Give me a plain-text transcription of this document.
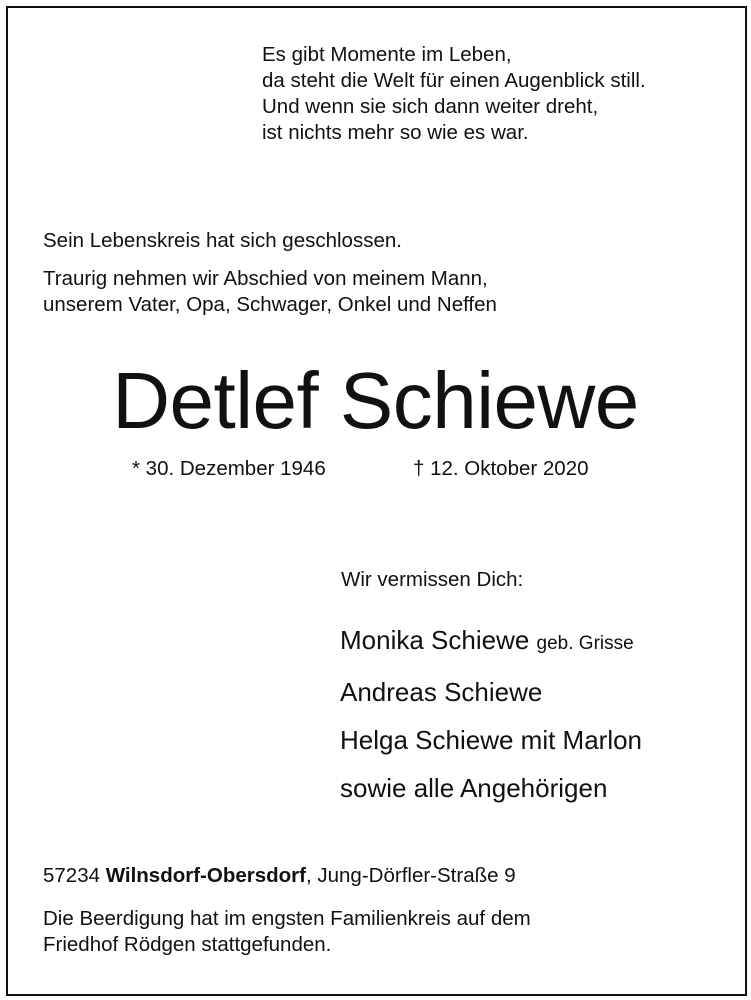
Es gibt Momente im Leben,
da steht die Welt für einen Augenblick still.
Und wenn sie sich dann weiter dreht,
ist nichts mehr so wie es war.
Sein Lebenskreis hat sich geschlossen.
Traurig nehmen wir Abschied von meinem Mann,
unserem Vater, Opa, Schwager, Onkel und Neffen
Detlef Schiewe
* 30. Dezember 1946	† 12. Oktober 2020
Wir vermissen Dich:
Monika Schiewe geb. Grisse
Andreas Schiewe
Helga Schiewe mit Marlon
sowie alle Angehörigen
57234 Wilnsdorf-Obersdorf, Jung-Dörfler-Straße 9
Die Beerdigung hat im engsten Familienkreis auf dem
Friedhof Rödgen stattgefunden.
